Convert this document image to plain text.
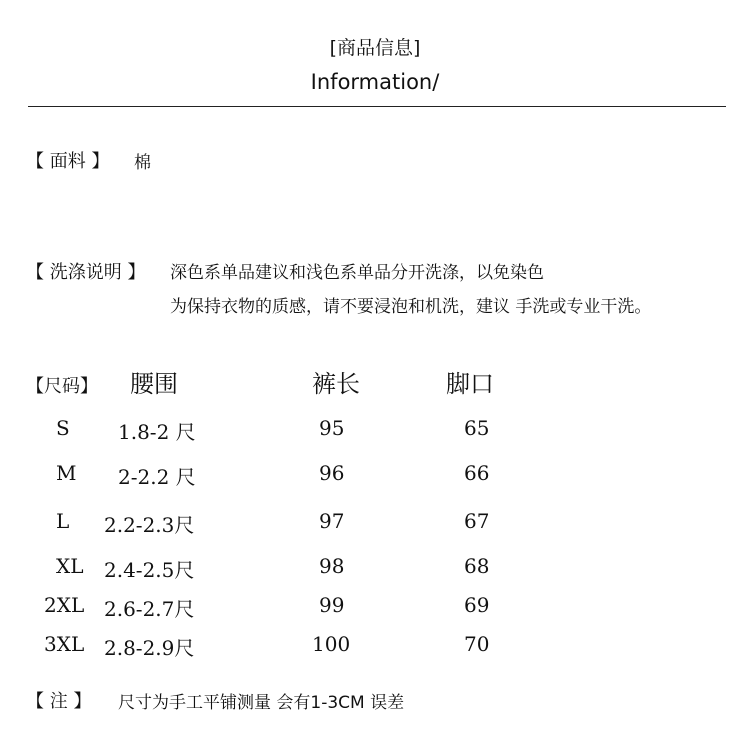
[商品信息]
Information/
【 面料 】 棉
【 洗涤说明 】 深色系单品建议和浅色系单品分开洗涤，以免染色
为保持衣物的质感，请不要浸泡和机洗，建议 手洗或专业干洗。
【尺码】 腰围	裤长	脚口
S 1.8-2 尺	95	65
M 2-2.2 尺	96	66
L 2.2-2.3尺	97	67
XL 2.4-2.5尺	98	68
2XL 2.6-2.7尺	99	69
3XL 2.8-2.9尺	100	70
【 注 】 尺寸为手工平铺测量 会有1-3CM 误差
